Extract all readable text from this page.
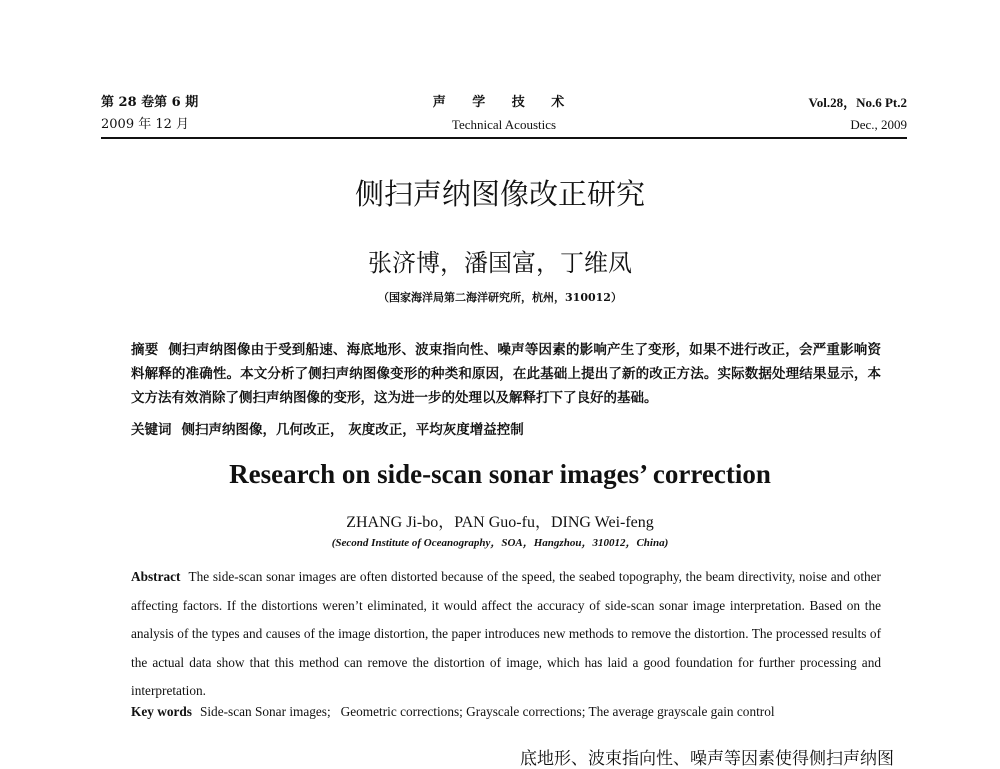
第 28 卷第 6 期
2009 年 12 月
声 学 技 术
Technical Acoustics
Vol.28，No.6 Pt.2
Dec., 2009
侧扫声纳图像改正研究
张济博，潘国富，丁维凤
（国家海洋局第二海洋研究所，杭州，310012）
摘要 侧扫声纳图像由于受到船速、海底地形、波束指向性、噪声等因素的影响产生了变形，如果不进行改正，会严重影响资料解释的准确性。本文分析了侧扫声纳图像变形的种类和原因，在此基础上提出了新的改正方法。实际数据处理结果显示，本文方法有效消除了侧扫声纳图像的变形，这为进一步的处理以及解释打下了良好的基础。
关键词 侧扫声纳图像，几何改正， 灰度改正，平均灰度增益控制
Research on side-scan sonar images’ correction
ZHANG Ji-bo，PAN Guo-fu，DING Wei-feng
(Second Institute of Oceanography，SOA，Hangzhou，310012，China)
Abstract The side-scan sonar images are often distorted because of the speed, the seabed topography, the beam directivity, noise and other affecting factors. If the distortions weren’t eliminated, it would affect the accuracy of side-scan sonar image interpretation. Based on the analysis of the types and causes of the image distortion, the paper introduces new methods to remove the distortion. The processed results of the actual data show that this method can remove the distortion of image, which has laid a good foundation for further processing and interpretation.
Key words Side-scan Sonar images;   Geometric corrections; Grayscale corrections; The average grayscale gain control
底地形、波束指向性、噪声等因素使得侧扫声纳图
